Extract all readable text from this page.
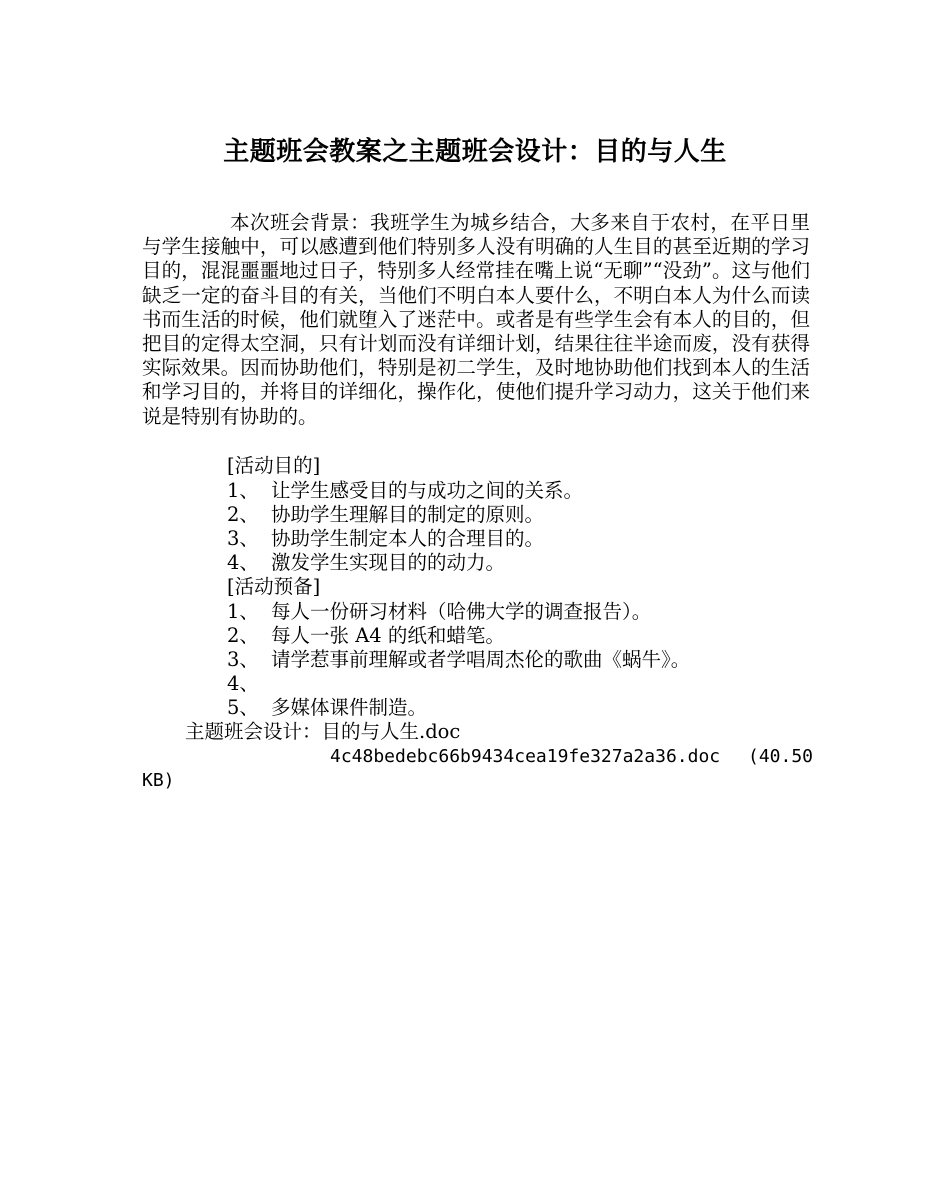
主题班会教案之主题班会设计：目的与人生
本次班会背景：我班学生为城乡结合，大多来自于农村，在平日里与学生接触中，可以感遭到他们特别多人没有明确的人生目的甚至近期的学习目的，混混噩噩地过日子，特别多人经常挂在嘴上说“无聊”“没劲”。这与他们缺乏一定的奋斗目的有关，当他们不明白本人要什么，不明白本人为什么而读书而生活的时候，他们就堕入了迷茫中。或者是有些学生会有本人的目的，但把目的定得太空洞，只有计划而没有详细计划，结果往往半途而废，没有获得实际效果。因而协助他们，特别是初二学生，及时地协助他们找到本人的生活和学习目的，并将目的详细化，操作化，使他们提升学习动力，这关于他们来说是特别有协助的。
[活动目的]
1、 让学生感受目的与成功之间的关系。
2、 协助学生理解目的制定的原则。
3、 协助学生制定本人的合理目的。
4、 激发学生实现目的的动力。
[活动预备]
1、 每人一份研习材料（哈佛大学的调查报告）。
2、 每人一张 A4 的纸和蜡笔。
3、 请学惹事前理解或者学唱周杰伦的歌曲《蜗牛》。
4、
5、 多媒体课件制造。
主题班会设计：目的与人生.doc
4c48bedebc66b9434cea19fe327a2a36.doc (40.50
KB)
